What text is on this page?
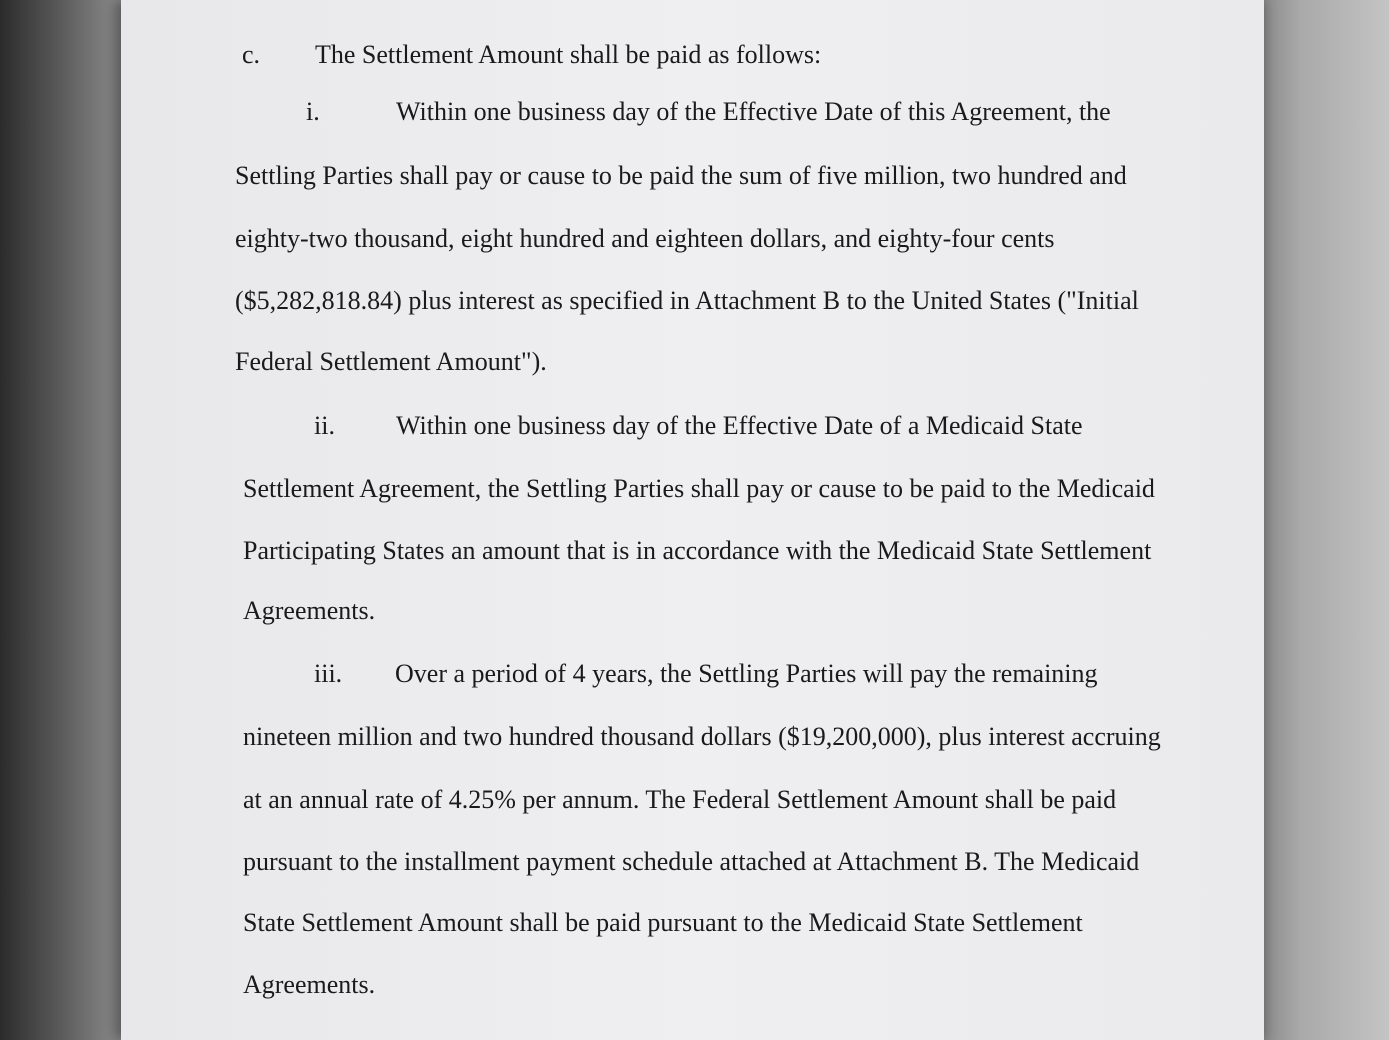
c. The Settlement Amount shall be paid as follows:
i.	Within one business day of the Effective Date of this Agreement, the
Settling Parties shall pay or cause to be paid the sum of five million, two hundred and
eighty-two thousand, eight hundred and eighteen dollars, and eighty-four cents
($5,282,818.84) plus interest as specified in Attachment B to the United States ("Initial
Federal Settlement Amount").
ii. Within one business day of the Effective Date of a Medicaid State
Settlement Agreement, the Settling Parties shall pay or cause to be paid to the Medicaid
Participating States an amount that is in accordance with the Medicaid State Settlement
Agreements.
iii. Over a period of 4 years, the Settling Parties will pay the remaining
nineteen million and two hundred thousand dollars ($19,200,000), plus interest accruing
at an annual rate of 4.25% per annum. The Federal Settlement Amount shall be paid
pursuant to the installment payment schedule attached at Attachment B. The Medicaid
State Settlement Amount shall be paid pursuant to the Medicaid State Settlement
Agreements.
